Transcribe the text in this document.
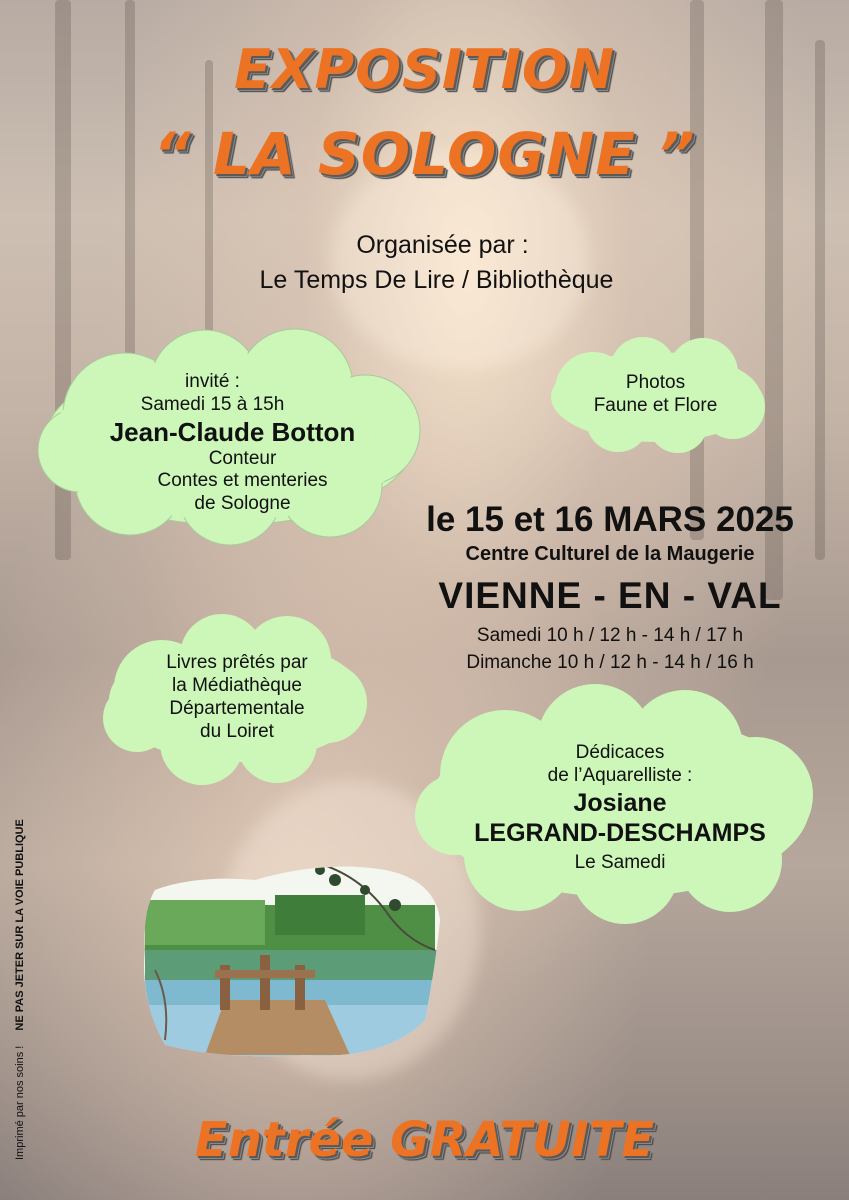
EXPOSITION
“ LA SOLOGNE ”
Organisée par :
Le Temps De Lire / Bibliothèque
invité :
Samedi 15 à 15h
Jean-Claude Botton
Conteur
Contes et menteries
de Sologne
Photos
Faune et Flore
le 15 et 16 MARS 2025
Centre Culturel de la Maugerie
VIENNE - EN - VAL
Samedi 10 h / 12 h - 14 h / 17 h
Dimanche 10 h / 12 h - 14 h / 16 h
Livres prêtés par
la Médiathèque
Départementale
du Loiret
Dédicaces
de l’Aquarelliste :
Josiane
LEGRAND-DESCHAMPS
Le Samedi
Imprimé par nos soins ! NE PAS JETER SUR LA VOIE PUBLIQUE
Entrée GRATUITE
